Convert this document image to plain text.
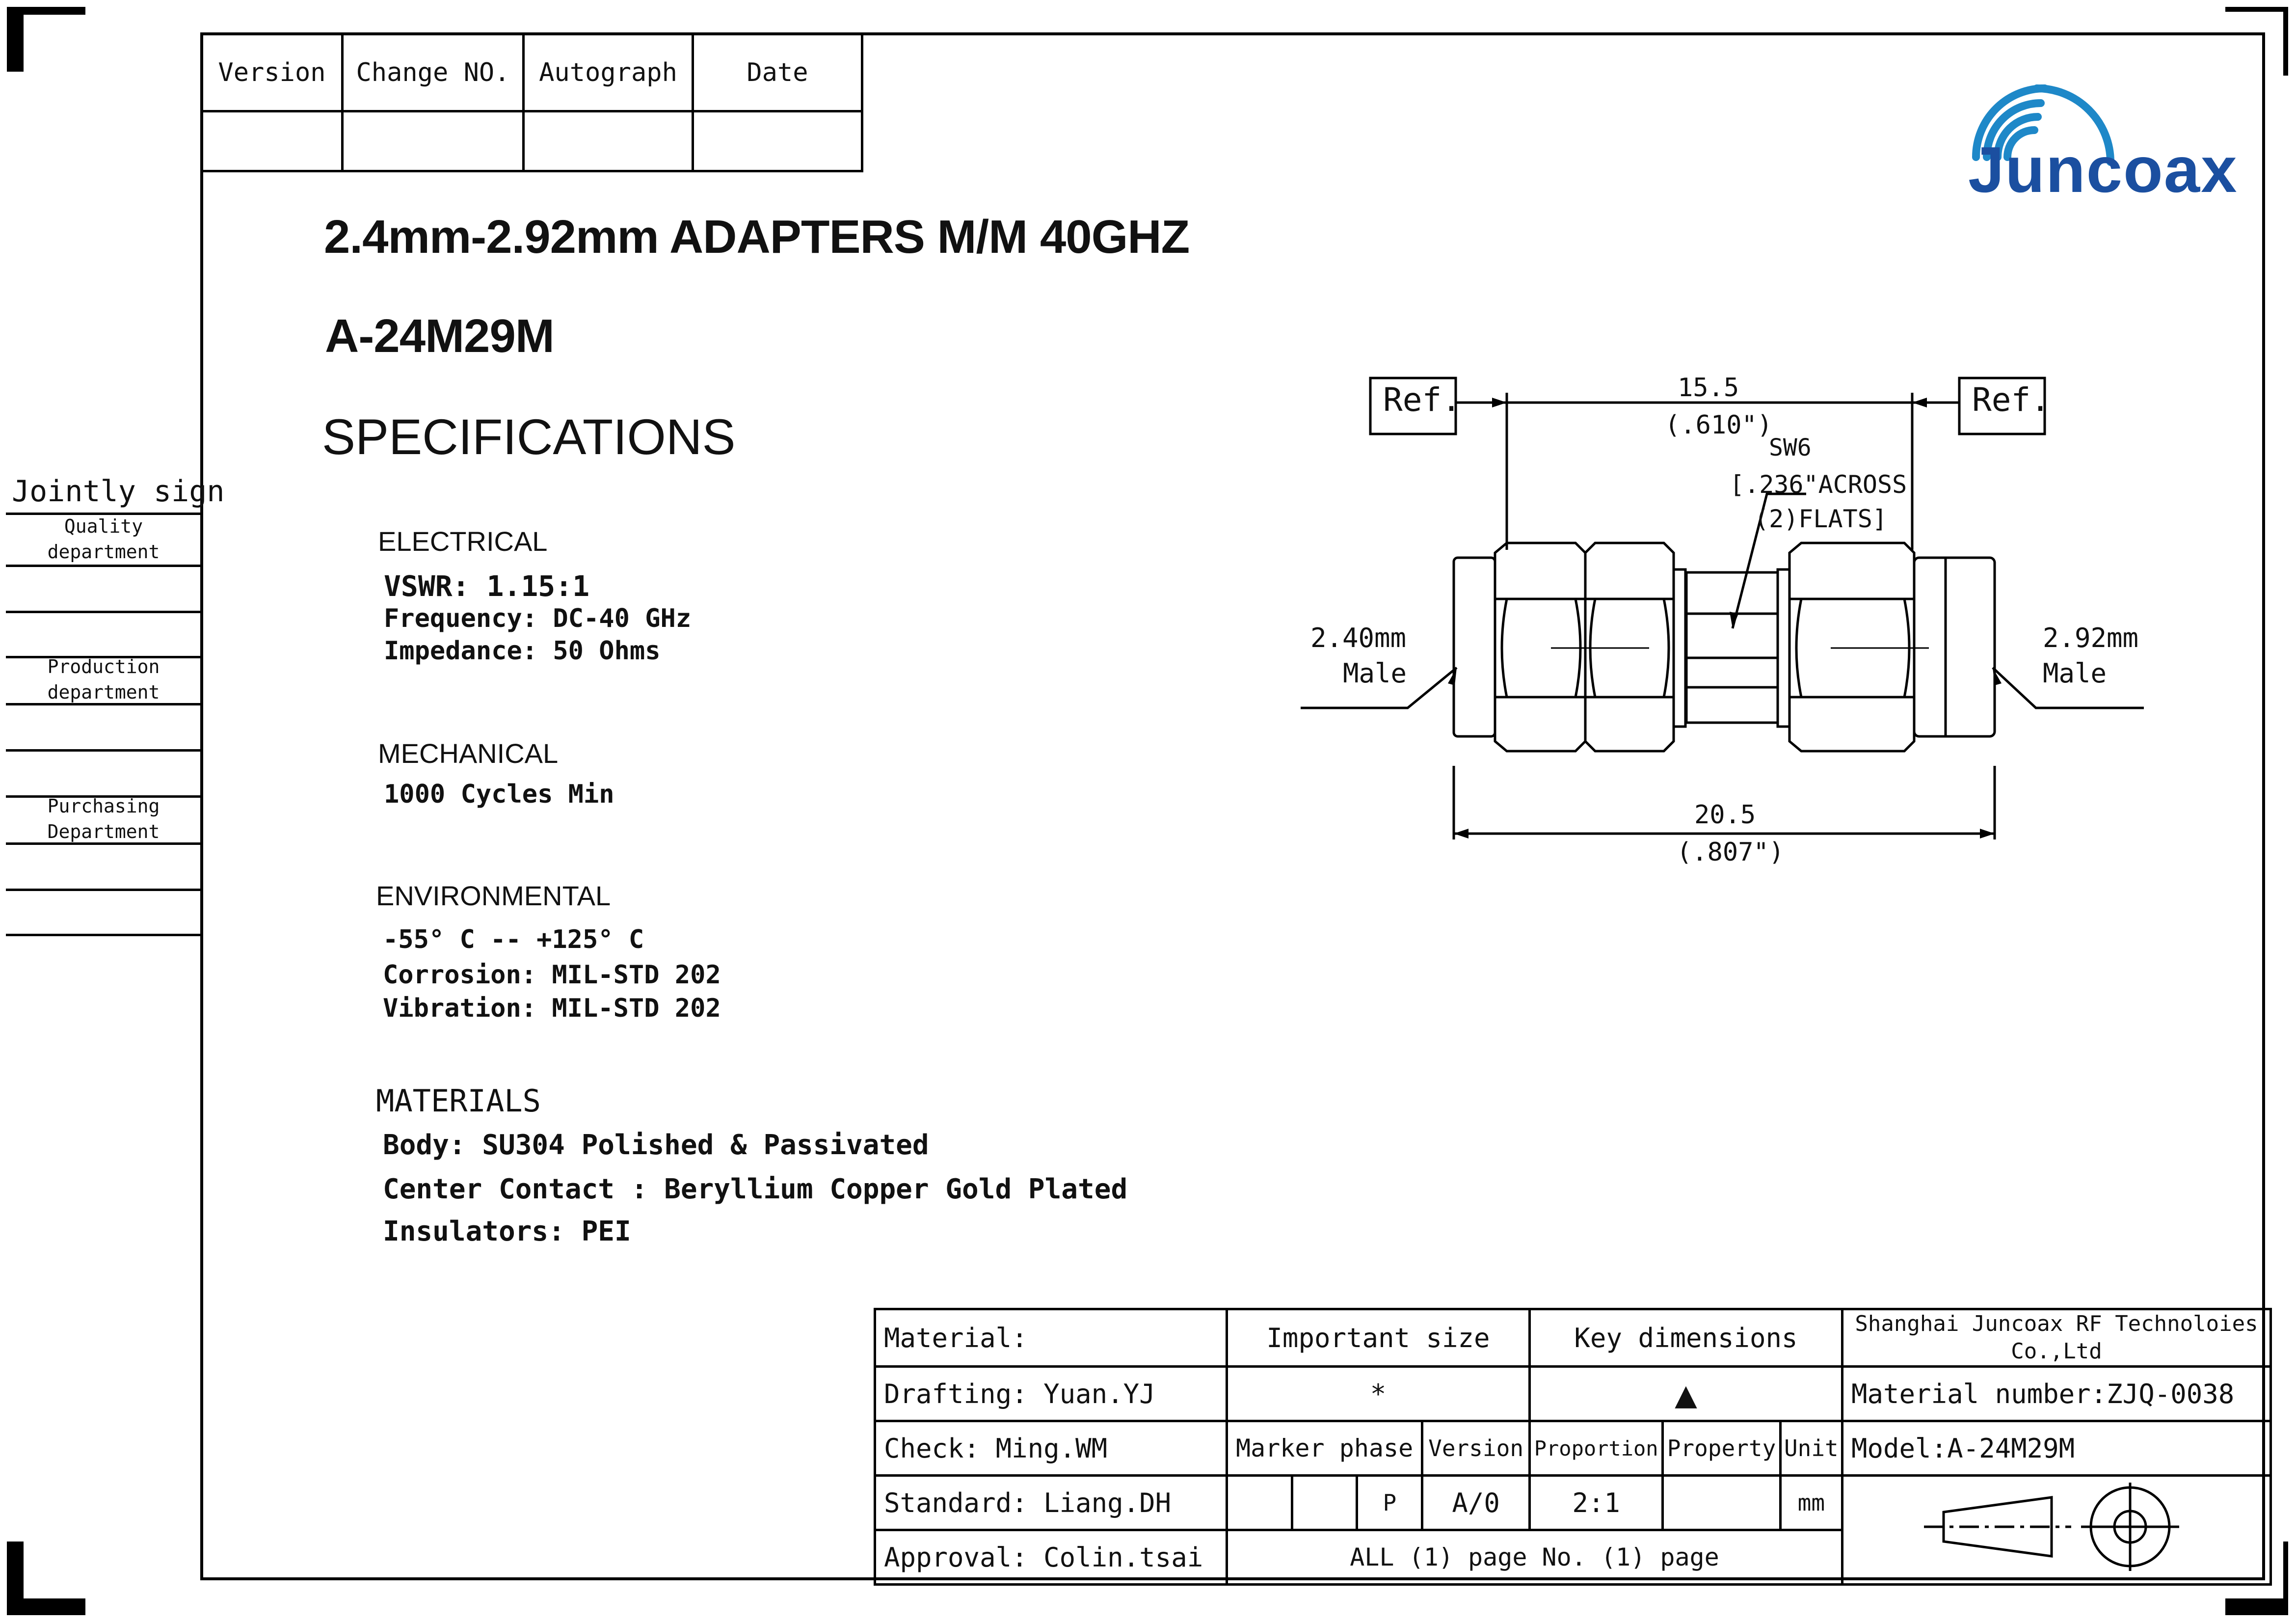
Version	Change NO.	Autograph	Date

Juncoax
2.4mm-2.92mm ADAPTERS M/M 40GHZ
A-24M29M
SPECIFICATIONS
Jointly sign
Quality
department
Production
department
Purchasing
Department
ELECTRICAL
VSWR: 1.15:1
Frequency: DC-40 GHz
Impedance: 50 Ohms
MECHANICAL
1000 Cycles Min
ENVIRONMENTAL
-55° C -- +125° C
Corrosion: MIL-STD 202
Vibration: MIL-STD 202
MATERIALS
Body: SU304 Polished & Passivated
Center Contact : Beryllium Copper Gold Plated
Insulators: PEI
Ref.	Ref.
15.5
(.610")
SW6
[.236"ACROSS
(2)FLATS]
2.40mm
Male
2.92mm
Male
20.5
(.807")
Material:	Important size				Key dimensions			Shanghai Juncoax RF Technoloies
Co.,Ltd

Drafting: Yuan.YJ	*				▲			Material number:ZJQ-0038
Check: Ming.WM	Marker phase			Version	Proportion	Property	Unit	Model:A-24M29M
Standard: Liang.DH			P	A/0	2:1		mm	
Approval: Colin.tsai	ALL (1) page No. (1) page							
